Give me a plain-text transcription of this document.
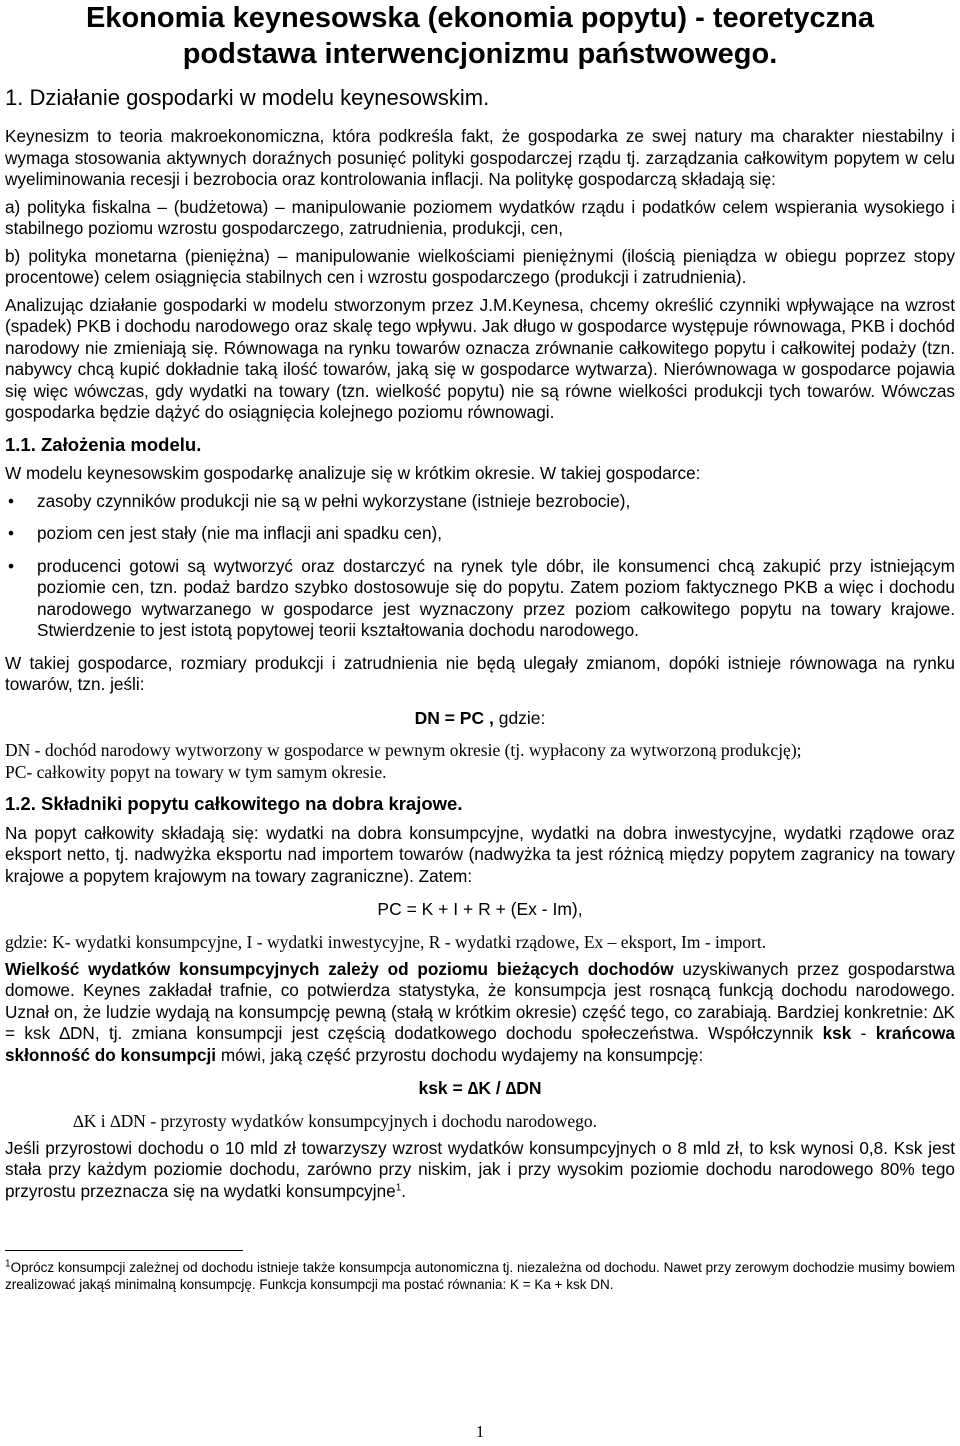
Ekonomia keynesowska (ekonomia popytu) - teoretyczna
podstawa interwencjonizmu państwowego.
1. Działanie gospodarki w modelu keynesowskim.

Keynesizm to teoria makroekonomiczna, która podkreśla fakt, że gospodarka ze swej natury ma charakter niestabilny i wymaga stosowania aktywnych doraźnych posunięć polityki gospodarczej rządu tj. zarządzania całkowitym popytem w celu wyeliminowania recesji i bezrobocia oraz kontrolowania inflacji. Na politykę gospodarczą składają się:

a) polityka fiskalna – (budżetowa) – manipulowanie poziomem wydatków rządu i podatków celem wspierania wysokiego i stabilnego poziomu wzrostu gospodarczego, zatrudnienia, produkcji, cen,

b) polityka monetarna (pieniężna) – manipulowanie wielkościami pieniężnymi (ilością pieniądza w obiegu poprzez stopy procentowe) celem osiągnięcia stabilnych cen i wzrostu gospodarczego (produkcji i zatrudnienia).

Analizując działanie gospodarki w modelu stworzonym przez J.M.Keynesa, chcemy określić czynniki wpływające na wzrost (spadek) PKB i dochodu narodowego oraz skalę tego wpływu. Jak długo w gospodarce występuje równowaga, PKB i dochód narodowy nie zmieniają się. Równowaga na rynku towarów oznacza zrównanie całkowitego popytu i całkowitej podaży (tzn. nabywcy chcą kupić dokładnie taką ilość towarów, jaką się w gospodarce wytwarza). Nierównowaga w gospodarce pojawia się więc wówczas, gdy wydatki na towary (tzn. wielkość popytu) nie są równe wielkości produkcji tych towarów. Wówczas gospodarka będzie dążyć do osiągnięcia kolejnego poziomu równowagi.

1.1. Założenia modelu.

W modelu keynesowskim gospodarkę analizuje się w krótkim okresie. W takiej gospodarce:

• zasoby czynników produkcji nie są w pełni wykorzystane (istnieje bezrobocie),
• poziom cen jest stały (nie ma inflacji ani spadku cen),
• producenci gotowi są wytworzyć oraz dostarczyć na rynek tyle dóbr, ile konsumenci chcą zakupić przy istniejącym poziomie cen, tzn. podaż bardzo szybko dostosowuje się do popytu. Zatem poziom faktycznego PKB a więc i dochodu narodowego wytwarzanego w gospodarce jest wyznaczony przez poziom całkowitego popytu na towary krajowe. Stwierdzenie to jest istotą popytowej teorii kształtowania dochodu narodowego.

W takiej gospodarce, rozmiary produkcji i zatrudnienia nie będą ulegały zmianom, dopóki istnieje równowaga na rynku towarów, tzn. jeśli:

DN = PC , gdzie:
DN - dochód narodowy wytworzony w gospodarce w pewnym okresie (tj. wypłacony za wytworzoną produkcję);
PC- całkowity popyt na towary w tym samym okresie.
1.2. Składniki popytu całkowitego na dobra krajowe.

Na popyt całkowity składają się: wydatki na dobra konsumpcyjne, wydatki na dobra inwestycyjne, wydatki rządowe oraz eksport netto, tj. nadwyżka eksportu nad importem towarów (nadwyżka ta jest różnicą między popytem zagranicy na towary krajowe a popytem krajowym na towary zagraniczne). Zatem:

PC = K + I + R + (Ex - Im),
gdzie: K- wydatki konsumpcyjne, I - wydatki inwestycyjne, R - wydatki rządowe, Ex – eksport, Im - import.

Wielkość wydatków konsumpcyjnych zależy od poziomu bieżących dochodów uzyskiwanych przez gospodarstwa domowe. Keynes zakładał trafnie, co potwierdza statystyka, że konsumpcja jest rosnącą funkcją dochodu narodowego. Uznał on, że ludzie wydają na konsumpcję pewną (stałą w krótkim okresie) część tego, co zarabiają. Bardziej konkretnie: ∆K = ksk ∆DN, tj. zmiana konsumpcji jest częścią dodatkowego dochodu społeczeństwa. Współczynnik ksk - krańcowa skłonność do konsumpcji mówi, jaką część przyrostu dochodu wydajemy na konsumpcję:

ksk = ∆K / ∆DN
∆K i ∆DN - przyrosty wydatków konsumpcyjnych i dochodu narodowego.

Jeśli przyrostowi dochodu o 10 mld zł towarzyszy wzrost wydatków konsumpcyjnych o 8 mld zł, to ksk wynosi 0,8. Ksk jest stała przy każdym poziomie dochodu, zarówno przy niskim, jak i przy wysokim poziomie dochodu narodowego 80% tego przyrostu przeznacza się na wydatki konsumpcyjne$^1$.

$^1$Oprócz konsumpcji zależnej od dochodu istnieje także konsumpcja autonomiczna tj. niezależna od dochodu. Nawet przy zerowym dochodzie musimy bowiem zrealizować jakąś minimalną konsumpcję. Funkcja konsumpcji ma postać równania: K = Ka + ksk DN.
1
